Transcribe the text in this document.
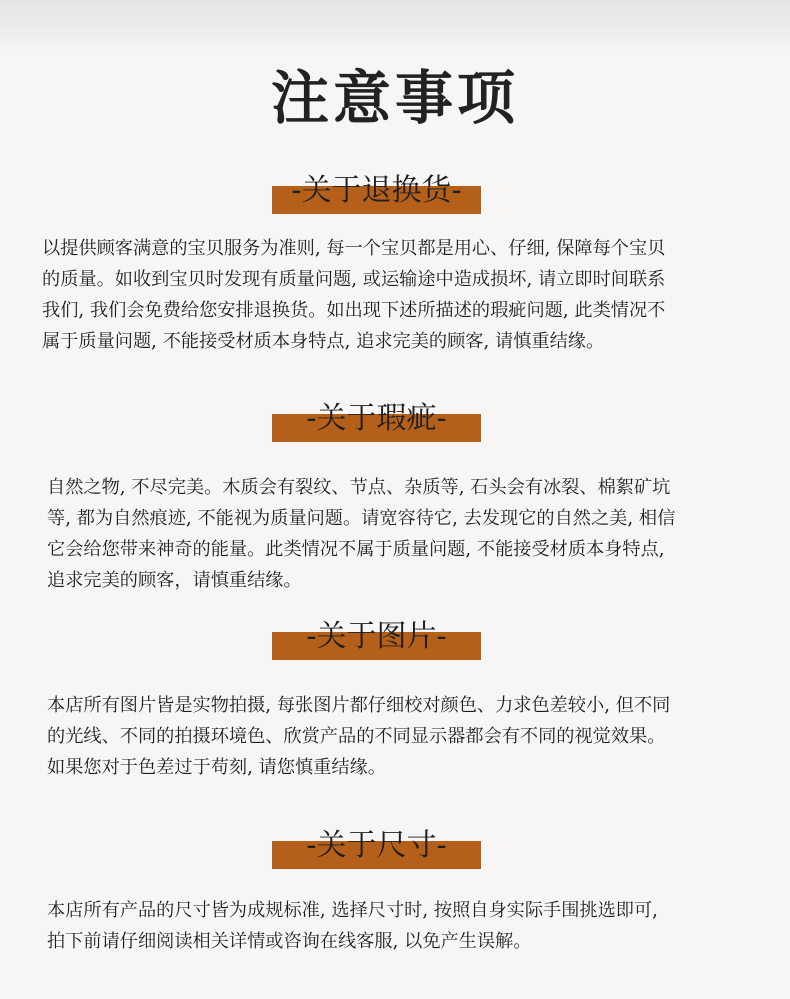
注意事项
-关于退换货-
以提供顾客满意的宝贝服务为准则, 每一个宝贝都是用心、仔细, 保障每个宝贝
的质量。如收到宝贝时发现有质量问题, 或运输途中造成损坏, 请立即时间联系
我们, 我们会免费给您安排退换货。如出现下述所描述的瑕疵问题, 此类情况不
属于质量问题, 不能接受材质本身特点, 追求完美的顾客, 请慎重结缘。
-关于瑕疵-
自然之物, 不尽完美。木质会有裂纹、节点、杂质等, 石头会有冰裂、棉絮矿坑
等, 都为自然痕迹, 不能视为质量问题。请宽容待它, 去发现它的自然之美, 相信
它会给您带来神奇的能量。此类情况不属于质量问题, 不能接受材质本身特点,
追求完美的顾客，请慎重结缘。
-关于图片-
本店所有图片皆是实物拍摄, 每张图片都仔细校对颜色、力求色差较小, 但不同
的光线、不同的拍摄环境色、欣赏产品的不同显示器都会有不同的视觉效果。
如果您对于色差过于苟刻, 请您慎重结缘。
-关于尺寸-
本店所有产品的尺寸皆为成规标准, 选择尺寸时, 按照自身实际手围挑选即可,
拍下前请仔细阅读相关详情或咨询在线客服, 以免产生误解。
